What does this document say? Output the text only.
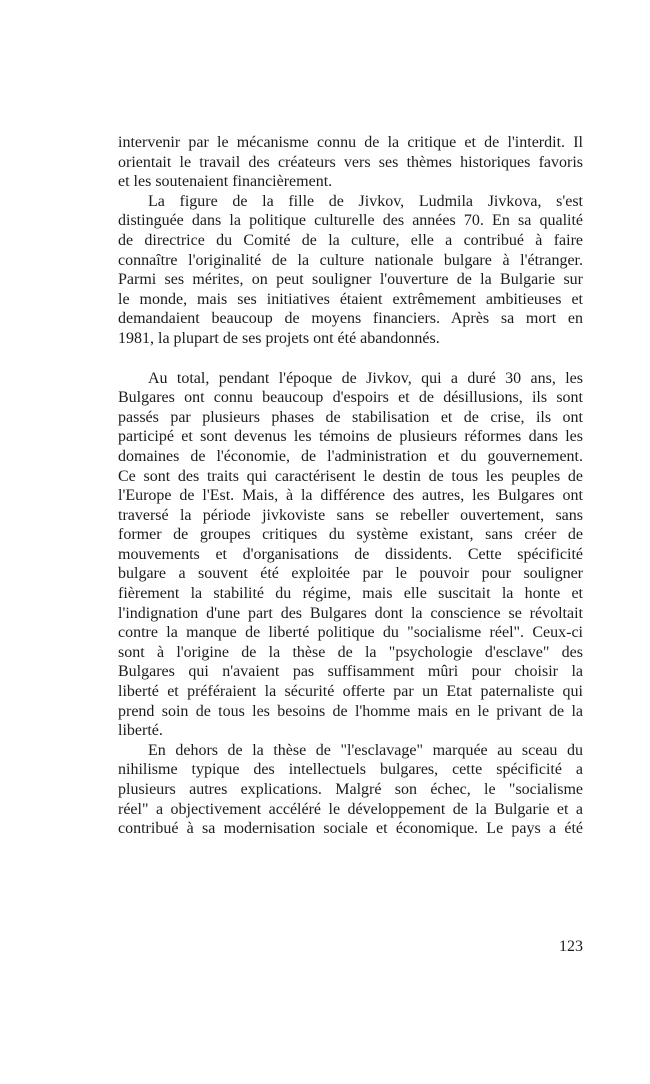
intervenir par le mécanisme connu de la critique et de l'interdit. Il
orientait le travail des créateurs vers ses thèmes historiques favoris
et les soutenaient financièrement.
La figure de la fille de Jivkov, Ludmila Jivkova, s'est
distinguée dans la politique culturelle des années 70. En sa qualité
de directrice du Comité de la culture, elle a contribué à faire
connaître l'originalité de la culture nationale bulgare à l'étranger.
Parmi ses mérites, on peut souligner l'ouverture de la Bulgarie sur
le monde, mais ses initiatives étaient extrêmement ambitieuses et
demandaient beaucoup de moyens financiers. Après sa mort en
1981, la plupart de ses projets ont été abandonnés.
Au total, pendant l'époque de Jivkov, qui a duré 30 ans, les
Bulgares ont connu beaucoup d'espoirs et de désillusions, ils sont
passés par plusieurs phases de stabilisation et de crise, ils ont
participé et sont devenus les témoins de plusieurs réformes dans les
domaines de l'économie, de l'administration et du gouvernement.
Ce sont des traits qui caractérisent le destin de tous les peuples de
l'Europe de l'Est. Mais, à la différence des autres, les Bulgares ont
traversé la période jivkoviste sans se rebeller ouvertement, sans
former de groupes critiques du système existant, sans créer de
mouvements et d'organisations de dissidents. Cette spécificité
bulgare a souvent été exploitée par le pouvoir pour souligner
fièrement la stabilité du régime, mais elle suscitait la honte et
l'indignation d'une part des Bulgares dont la conscience se révoltait
contre la manque de liberté politique du "socialisme réel". Ceux-ci
sont à l'origine de la thèse de la "psychologie d'esclave" des
Bulgares qui n'avaient pas suffisamment mûri pour choisir la
liberté et préféraient la sécurité offerte par un Etat paternaliste qui
prend soin de tous les besoins de l'homme mais en le privant de la
liberté.
En dehors de la thèse de "l'esclavage" marquée au sceau du
nihilisme typique des intellectuels bulgares, cette spécificité a
plusieurs autres explications. Malgré son échec, le "socialisme
réel" a objectivement accéléré le développement de la Bulgarie et a
contribué à sa modernisation sociale et économique. Le pays a été
123
